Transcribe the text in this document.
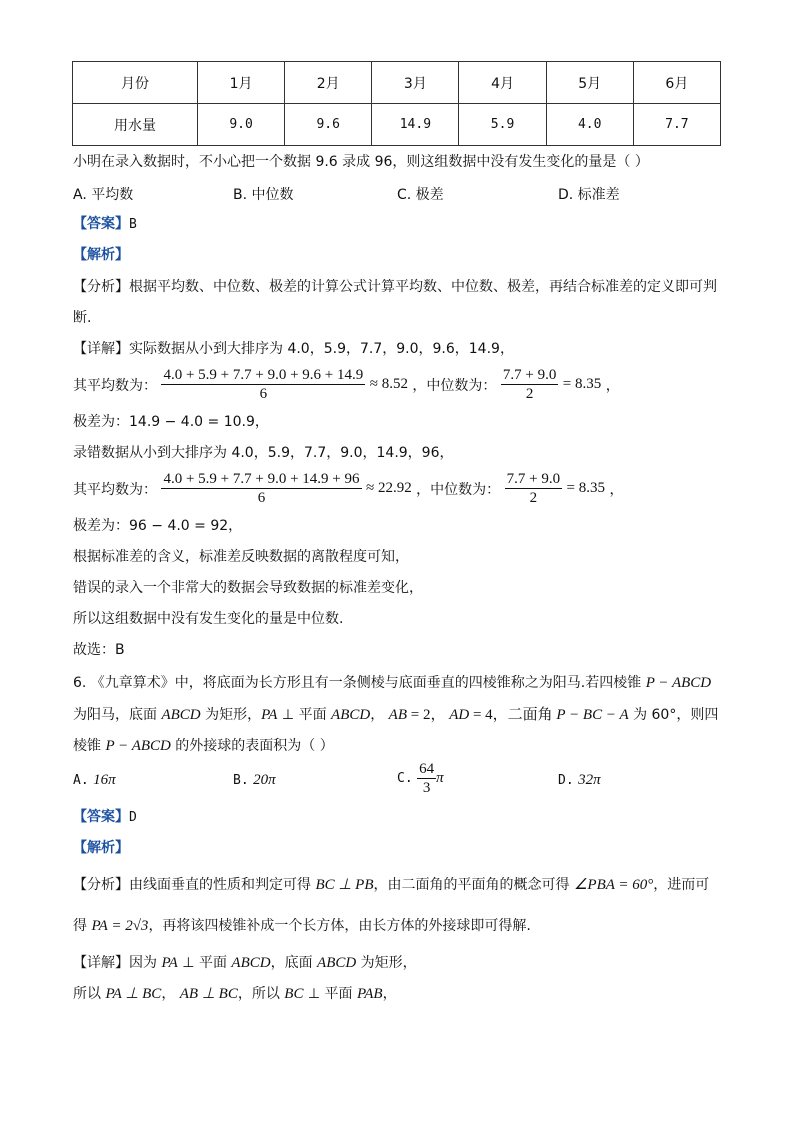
月份	1月	2月	3月	4月	5月	6月
用水量	9.0	9.6	14.9	5.9	4.0	7.7
小明在录入数据时，不小心把一个数据 9.6 录成 96，则这组数据中没有发生变化的量是（ ）
A. 平均数	B. 中位数	C. 极差	D. 标准差
【答案】B
【解析】
【分析】根据平均数、中位数、极差的计算公式计算平均数、中位数、极差，再结合标准差的定义即可判
断.
【详解】实际数据从小到大排序为 4.0，5.9，7.7，9.0，9.6，14.9，
其平均数为： $\frac{4.0 + 5.9 + 7.7 + 9.0 + 9.6 + 14.9}{6} \approx 8.52$ ，中位数为： $\frac{7.7 + 9.0}{2} = 8.35$ ，
极差为：14.9 − 4.0 = 10.9，
录错数据从小到大排序为 4.0，5.9，7.7，9.0，14.9，96，
其平均数为： $\frac{4.0 + 5.9 + 7.7 + 9.0 + 14.9 + 96}{6} \approx 22.92$ ，中位数为： $\frac{7.7 + 9.0}{2} = 8.35$ ，
极差为：96 − 4.0 = 92，
根据标准差的含义，标准差反映数据的离散程度可知，
错误的录入一个非常大的数据会导致数据的标准差变化，
所以这组数据中没有发生变化的量是中位数.
故选：B
6. 《九章算术》中，将底面为长方形且有一条侧棱与底面垂直的四棱锥称之为阳马.若四棱锥 P − ABCD
为阳马，底面 ABCD 为矩形，PA ⊥ 平面 ABCD， AB = 2， AD = 4，二面角 P − BC − A 为 60°，则四
棱锥 P − ABCD 的外接球的表面积为（ ）
A. 16π	B. 20π	C. $\frac{64}{3}$ π	D. 32π
【答案】D
【解析】
【分析】由线面垂直的性质和判定可得 BC ⊥ PB，由二面角的平面角的概念可得 ∠PBA = 60°，进而可
得 PA = 2√3，再将该四棱锥补成一个长方体，由长方体的外接球即可得解.
【详解】因为 PA ⊥ 平面 ABCD，底面 ABCD 为矩形，
所以 PA ⊥ BC， AB ⊥ BC，所以 BC ⊥ 平面 PAB，
